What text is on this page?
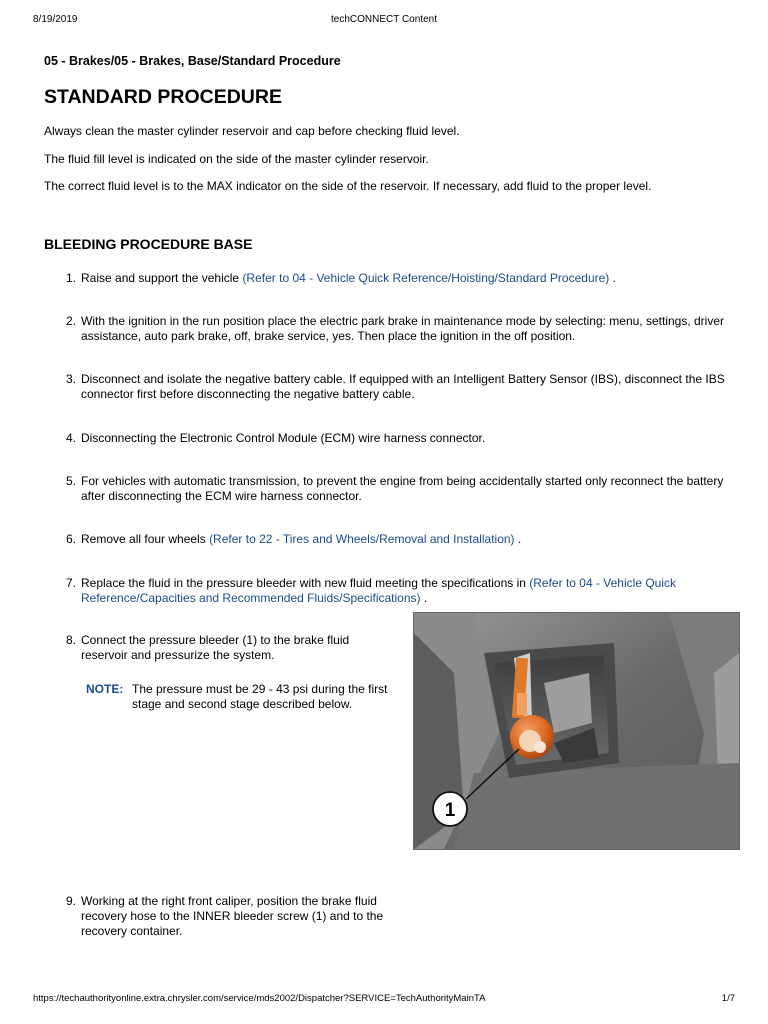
8/19/2019	techCONNECT Content
05 - Brakes/05 - Brakes, Base/Standard Procedure
STANDARD PROCEDURE

Always clean the master cylinder reservoir and cap before checking fluid level.

The fluid fill level is indicated on the side of the master cylinder reservoir.

The correct fluid level is to the MAX indicator on the side of the reservoir. If necessary, add fluid to the proper level.

BLEEDING PROCEDURE BASE
1. Raise and support the vehicle (Refer to 04 - Vehicle Quick Reference/Hoisting/Standard Procedure) .
2. With the ignition in the run position place the electric park brake in maintenance mode by selecting: menu, settings, driver assistance, auto park brake, off, brake service, yes. Then place the ignition in the off position.
3. Disconnect and isolate the negative battery cable. If equipped with an Intelligent Battery Sensor (IBS), disconnect the IBS connector first before disconnecting the negative battery cable.
4. Disconnecting the Electronic Control Module (ECM) wire harness connector.
5. For vehicles with automatic transmission, to prevent the engine from being accidentally started only reconnect the battery after disconnecting the ECM wire harness connector.
6. Remove all four wheels (Refer to 22 - Tires and Wheels/Removal and Installation) .
7. Replace the fluid in the pressure bleeder with new fluid meeting the specifications in (Refer to 04 - Vehicle Quick Reference/Capacities and Recommended Fluids/Specifications) .
8. Connect the pressure bleeder (1) to the brake fluid reservoir and pressurize the system.
NOTE: The pressure must be 29 - 43 psi during the first stage and second stage described below.
1
9. Working at the right front caliper, position the brake fluid recovery hose to the INNER bleeder screw (1) and to the recovery container.
https://techauthorityonline.extra.chrysler.com/service/mds2002/Dispatcher?SERVICE=TechAuthorityMainTA	1/7
